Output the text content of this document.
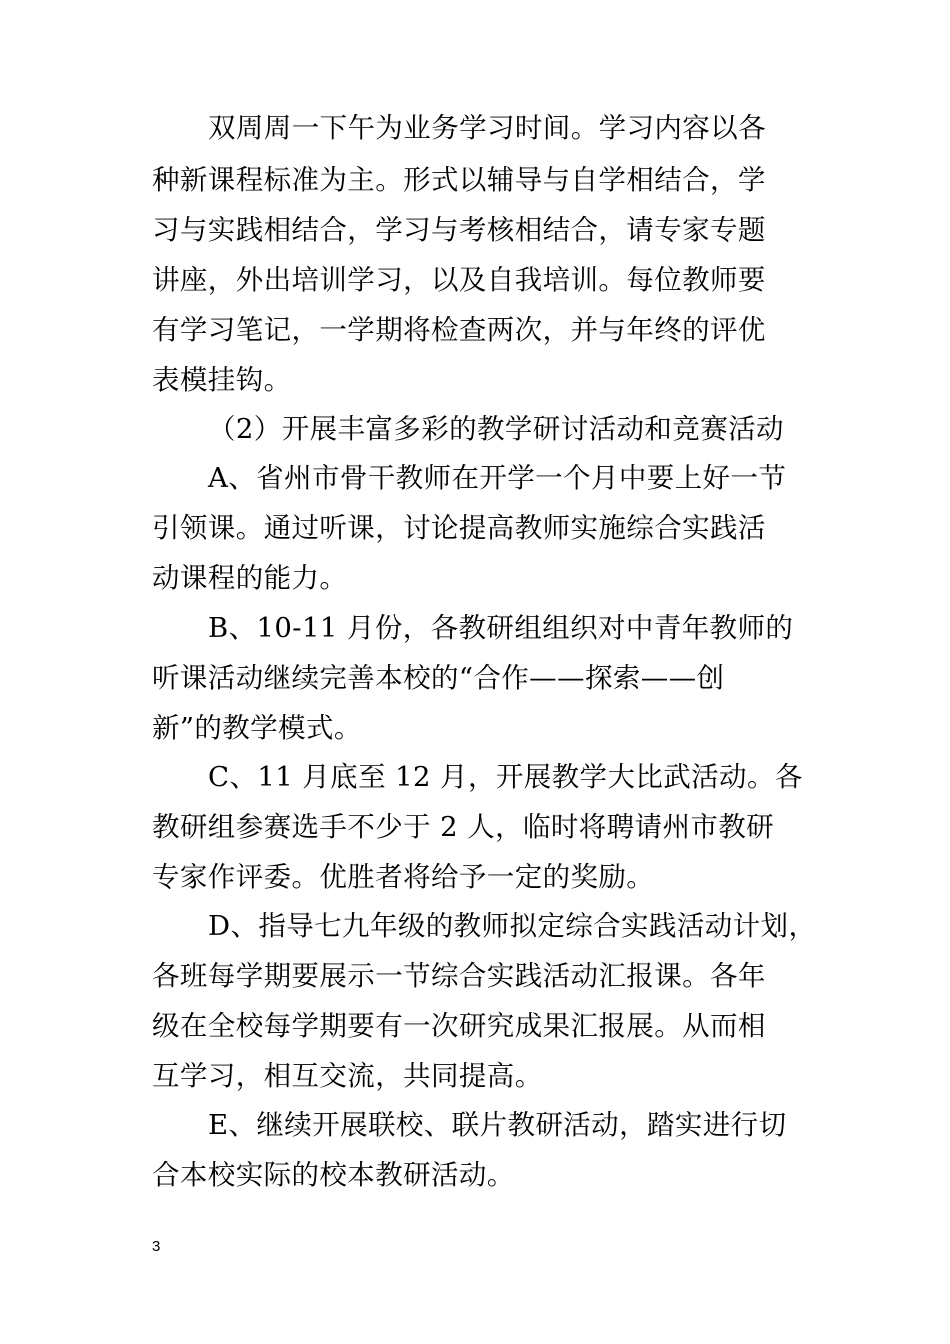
双周周一下午为业务学习时间。学习内容以各
种新课程标准为主。形式以辅导与自学相结合，学
习与实践相结合，学习与考核相结合，请专家专题
讲座，外出培训学习，以及自我培训。每位教师要
有学习笔记，一学期将检查两次，并与年终的评优
表模挂钩。
（2）开展丰富多彩的教学研讨活动和竞赛活动
A、省州市骨干教师在开学一个月中要上好一节
引领课。通过听课，讨论提高教师实施综合实践活
动课程的能力。
B、10-11 月份，各教研组组织对中青年教师的
听课活动继续完善本校的“合作——探索——创
新”的教学模式。
C、11 月底至 12 月，开展教学大比武活动。各
教研组参赛选手不少于 2 人，临时将聘请州市教研
专家作评委。优胜者将给予一定的奖励。
D、指导七九年级的教师拟定综合实践活动计划，
各班每学期要展示一节综合实践活动汇报课。各年
级在全校每学期要有一次研究成果汇报展。从而相
互学习，相互交流，共同提高。
E、继续开展联校、联片教研活动，踏实进行切
合本校实际的校本教研活动。
3
